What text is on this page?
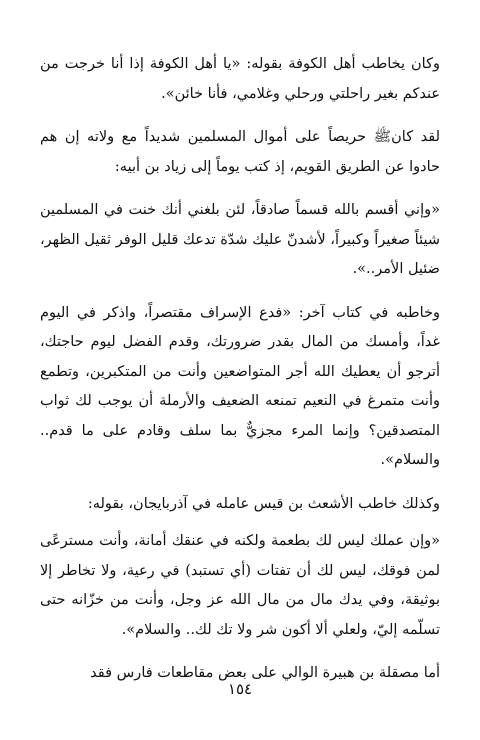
وكان يخاطب أهل الكوفة بقوله: «يا أهل الكوفة إذا أنا خرجت من عندكم بغير راحلتي ورحلي وغلامي، فأنا خائن».

لقد كانﷺ حريصاً على أموال المسلمين شديداً مع ولاته إن هم حادوا عن الطريق القويم، إذ كتب يوماً إلى زياد بن أبيه:

«وإني أقسم بالله قسماً صادقاً، لئن بلغني أنك خنت في المسلمين شيئاً صغيراً وكبيراً، لأشدنّ عليك شدّة تدعك قليل الوفر ثقيل الظهر، ضئيل الأمر..».

وخاطبه في كتاب آخر: «فدع الإسراف مقتصراً، واذكر في اليوم غداً، وأمسك من المال بقدر ضرورتك، وقدم الفضل ليوم حاجتك، أترجو أن يعطيك الله أجر المتواضعين وأنت من المتكبرين، وتطمع وأنت متمرغ في النعيم تمنعه الضعيف والأرملة أن يوجب لك ثواب المتصدقين؟ وإنما المرء مجزيٌّ بما سلف وقادم على ما قدم.. والسلام».

وكذلك خاطب الأشعث بن قيس عامله في آذربايجان، بقوله:

«وإن عملك ليس لك بطعمة ولكنه في عنقك أمانة، وأنت مسترعًى لمن فوقك، ليس لك أن تفتات (أي تستبد) في رعية، ولا تخاطر إلا بوثيقة، وفي يدك مال من مال الله عز وجل، وأنت من خزّانه حتى تسلّمه إليّ، ولعلي ألا أكون شر ولا تك لك.. والسلام».

أما مصقلة بن هبيرة الوالي على بعض مقاطعات فارس فقد

١٥٤
